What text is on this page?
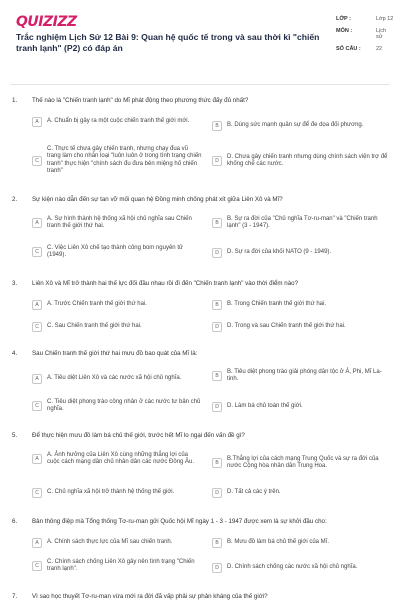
QUIZIZZ
Trắc nghiệm Lịch Sử 12 Bài 9: Quan hệ quốc tế trong và sau thời kì "chiến tranh lạnh" (P2) có đáp án
LỚP :	Lớp 12
MÔN :	Lịch sử
SỐ CÂU :	22
1. Thế nào là "Chiến tranh lạnh" do Mĩ phát động theo phương thức đấy đủ nhất?
A	A. Chuẩn bị gây ra một cuộc chiến tranh thế giới mới.
B	B. Dùng sức mạnh quân sự để đe dọa đối phương.
C
C. Thực tế chưa gây chiến tranh, nhưng chạy đua vũ trang làm cho nhân loại "luôn luôn ở trong tình trạng chiến tranh" thực hiện "chính sách đu đưa bên miệng hố chiến tranh"
D
D. Chưa gây chiến tranh nhưng dùng chính sách viện trợ để khống chế các nước.
2. Sự kiện nào dẫn đến sự tan vỡ mối quan hệ Đồng minh chống phát xít giữa Liên Xô và Mĩ?
A
A. Sự hình thành hệ thống xã hội chủ nghĩa sau Chiến tranh thế giới thứ hai.	B
B. Sự ra đời của "Chủ nghĩa Tơ-ru-man" và "Chiến tranh lạnh" (3 - 1947).
C
C. Việc Liên Xô chế tạo thành công bom nguyên tử (1949).	D	D. Sự ra đời của khối NATO (9 - 1949).
3. Liên Xô và Mĩ trở thành hai thế lực đối đầu nhau rồi đi đến "Chiến tranh lạnh" vào thời điểm nào?
A	A. Trước Chiến tranh thế giới thứ hai.	B	B. Trong Chiến tranh thế giới thứ hai.
C	C. Sau Chiến tranh thế giới thứ hai.	D	D. Trong và sau Chiến tranh thế giới thứ hai.
4. Sau Chiến tranh thế giới thứ hai mưu đồ bao quát của Mĩ là:
A	A. Tiêu diệt Liên Xô và các nước xã hội chủ nghĩa.	B
B. Tiêu diệt phong trào giải phóng dân tộc ở Á, Phi, Mĩ La-tinh.
C
C. Tiêu diệt phong trào công nhân ở các nước tư bản chủ nghĩa.	D	D. Làm bá chủ toàn thế giới.
5. Để thực hiện mưu đồ làm bá chủ thế giới, trước hết Mĩ lo ngại đến vấn đề gì?
A
A. Ảnh hưởng của Liên Xô cùng những thắng lợi của cuộc cách mạng dân chủ nhân dân các nước Đông Âu.	B
B.Thắng lợi của cách mạng Trung Quốc và sự ra đời của nước Cộng hòa nhân dân Trung Hoa.
C	C. Chủ nghĩa xã hội trở thành hệ thống thế giới.	D	D. Tất cả các ý trên.
6. Bản thông điệp mà Tổng thống Tơ-ru-man gửi Quốc hội Mĩ ngày 1 - 3 - 1947 được xem là sự khởi đầu cho:
A	A. Chính sách thực lực của Mĩ sau chiến tranh.	B	B. Mưu đồ làm bá chủ thế giới của Mĩ.
C
C. Chính sách chống Liên Xô gây nên tình trạng "Chiến tranh lạnh".	D	D. Chính sách chống các nước xã hội chủ nghĩa.
7. Vì sao học thuyết Tơ-ru-man vừa mới ra đời đã vấp phải sự phản kháng của thế giới?
